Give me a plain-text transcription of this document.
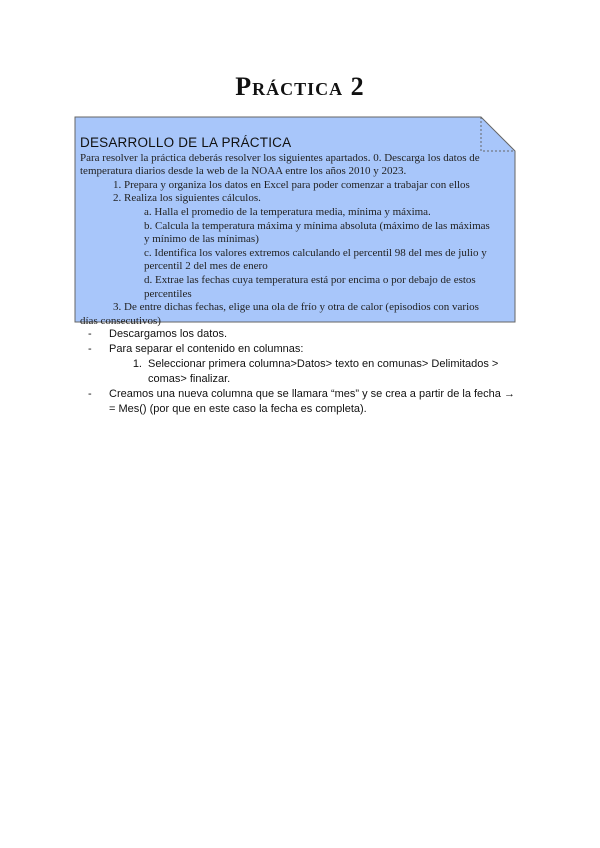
Práctica 2
DESARROLLO DE LA PRÁCTICA
Para resolver la práctica deberás resolver los siguientes apartados. 0. Descarga los datos de
temperatura diarios desde la web de la NOAA entre los años 2010 y 2023.
1. Prepara y organiza los datos en Excel para poder comenzar a trabajar con ellos
2. Realiza los siguientes cálculos.
a. Halla el promedio de la temperatura media, mínima y máxima.
b. Calcula la temperatura máxima y mínima absoluta (máximo de las máximas
y mínimo de las mínimas)
c. Identifica los valores extremos calculando el percentil 98 del mes de julio y
percentil 2 del mes de enero
d. Extrae las fechas cuya temperatura está por encima o por debajo de estos
percentiles
3. De entre dichas fechas, elige una ola de frío y otra de calor (episodios con varios
días consecutivos)
-	Descargamos los datos.
-	Para separar el contenido en columnas:
1. Seleccionar primera columna>Datos> texto en comunas> Delimitados >
comas> finalizar.
-	Creamos una nueva columna que se llamara “mes” y se crea a partir de la fecha →
= Mes() (por que en este caso la fecha es completa).
